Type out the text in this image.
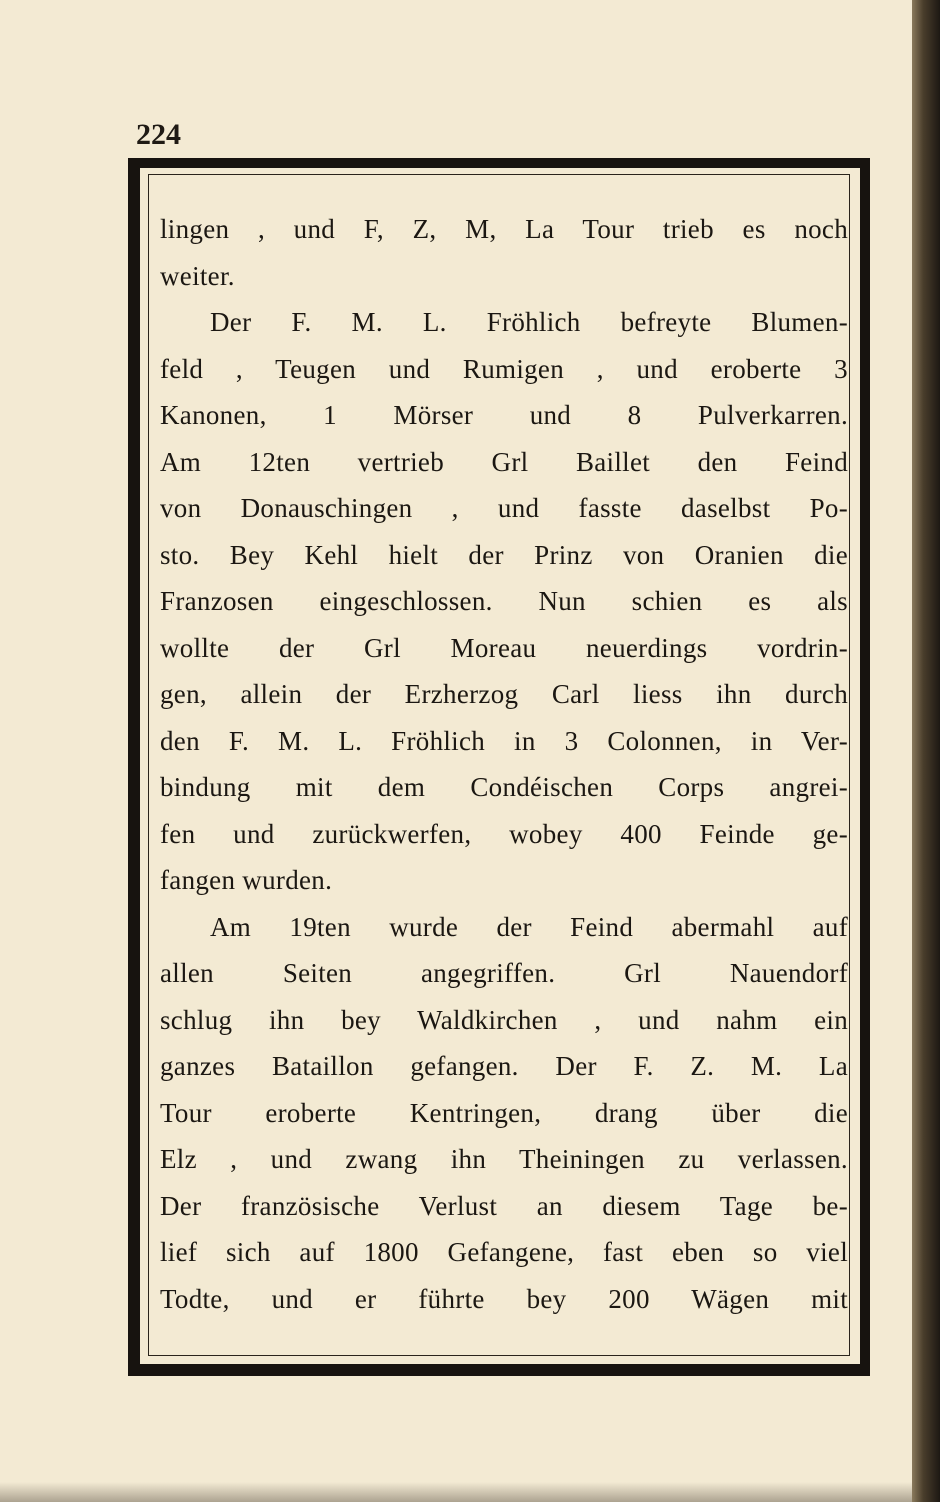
224
lingen , und F, Z, M, La Tour trieb es noch
weiter.
Der F. M. L. Fröhlich befreyte Blumen-
feld , Teugen und Rumigen , und eroberte 3
Kanonen, 1 Mörser und 8 Pulverkarren.
Am 12ten vertrieb Grl Baillet den Feind
von Donauschingen , und fasste daselbst Po-
sto. Bey Kehl hielt der Prinz von Oranien die
Franzosen eingeschlossen. Nun schien es als
wollte der Grl Moreau neuerdings vordrin-
gen, allein der Erzherzog Carl liess ihn durch
den F. M. L. Fröhlich in 3 Colonnen, in Ver-
bindung mit dem Condéischen Corps angrei-
fen und zurückwerfen, wobey 400 Feinde ge-
fangen wurden.
Am 19ten wurde der Feind abermahl auf
allen Seiten angegriffen. Grl Nauendorf
schlug ihn bey Waldkirchen , und nahm ein
ganzes Bataillon gefangen. Der F. Z. M. La
Tour eroberte Kentringen, drang über die
Elz , und zwang ihn Theiningen zu verlassen.
Der französische Verlust an diesem Tage be-
lief sich auf 1800 Gefangene, fast eben so viel
Todte, und er führte bey 200 Wägen mit
